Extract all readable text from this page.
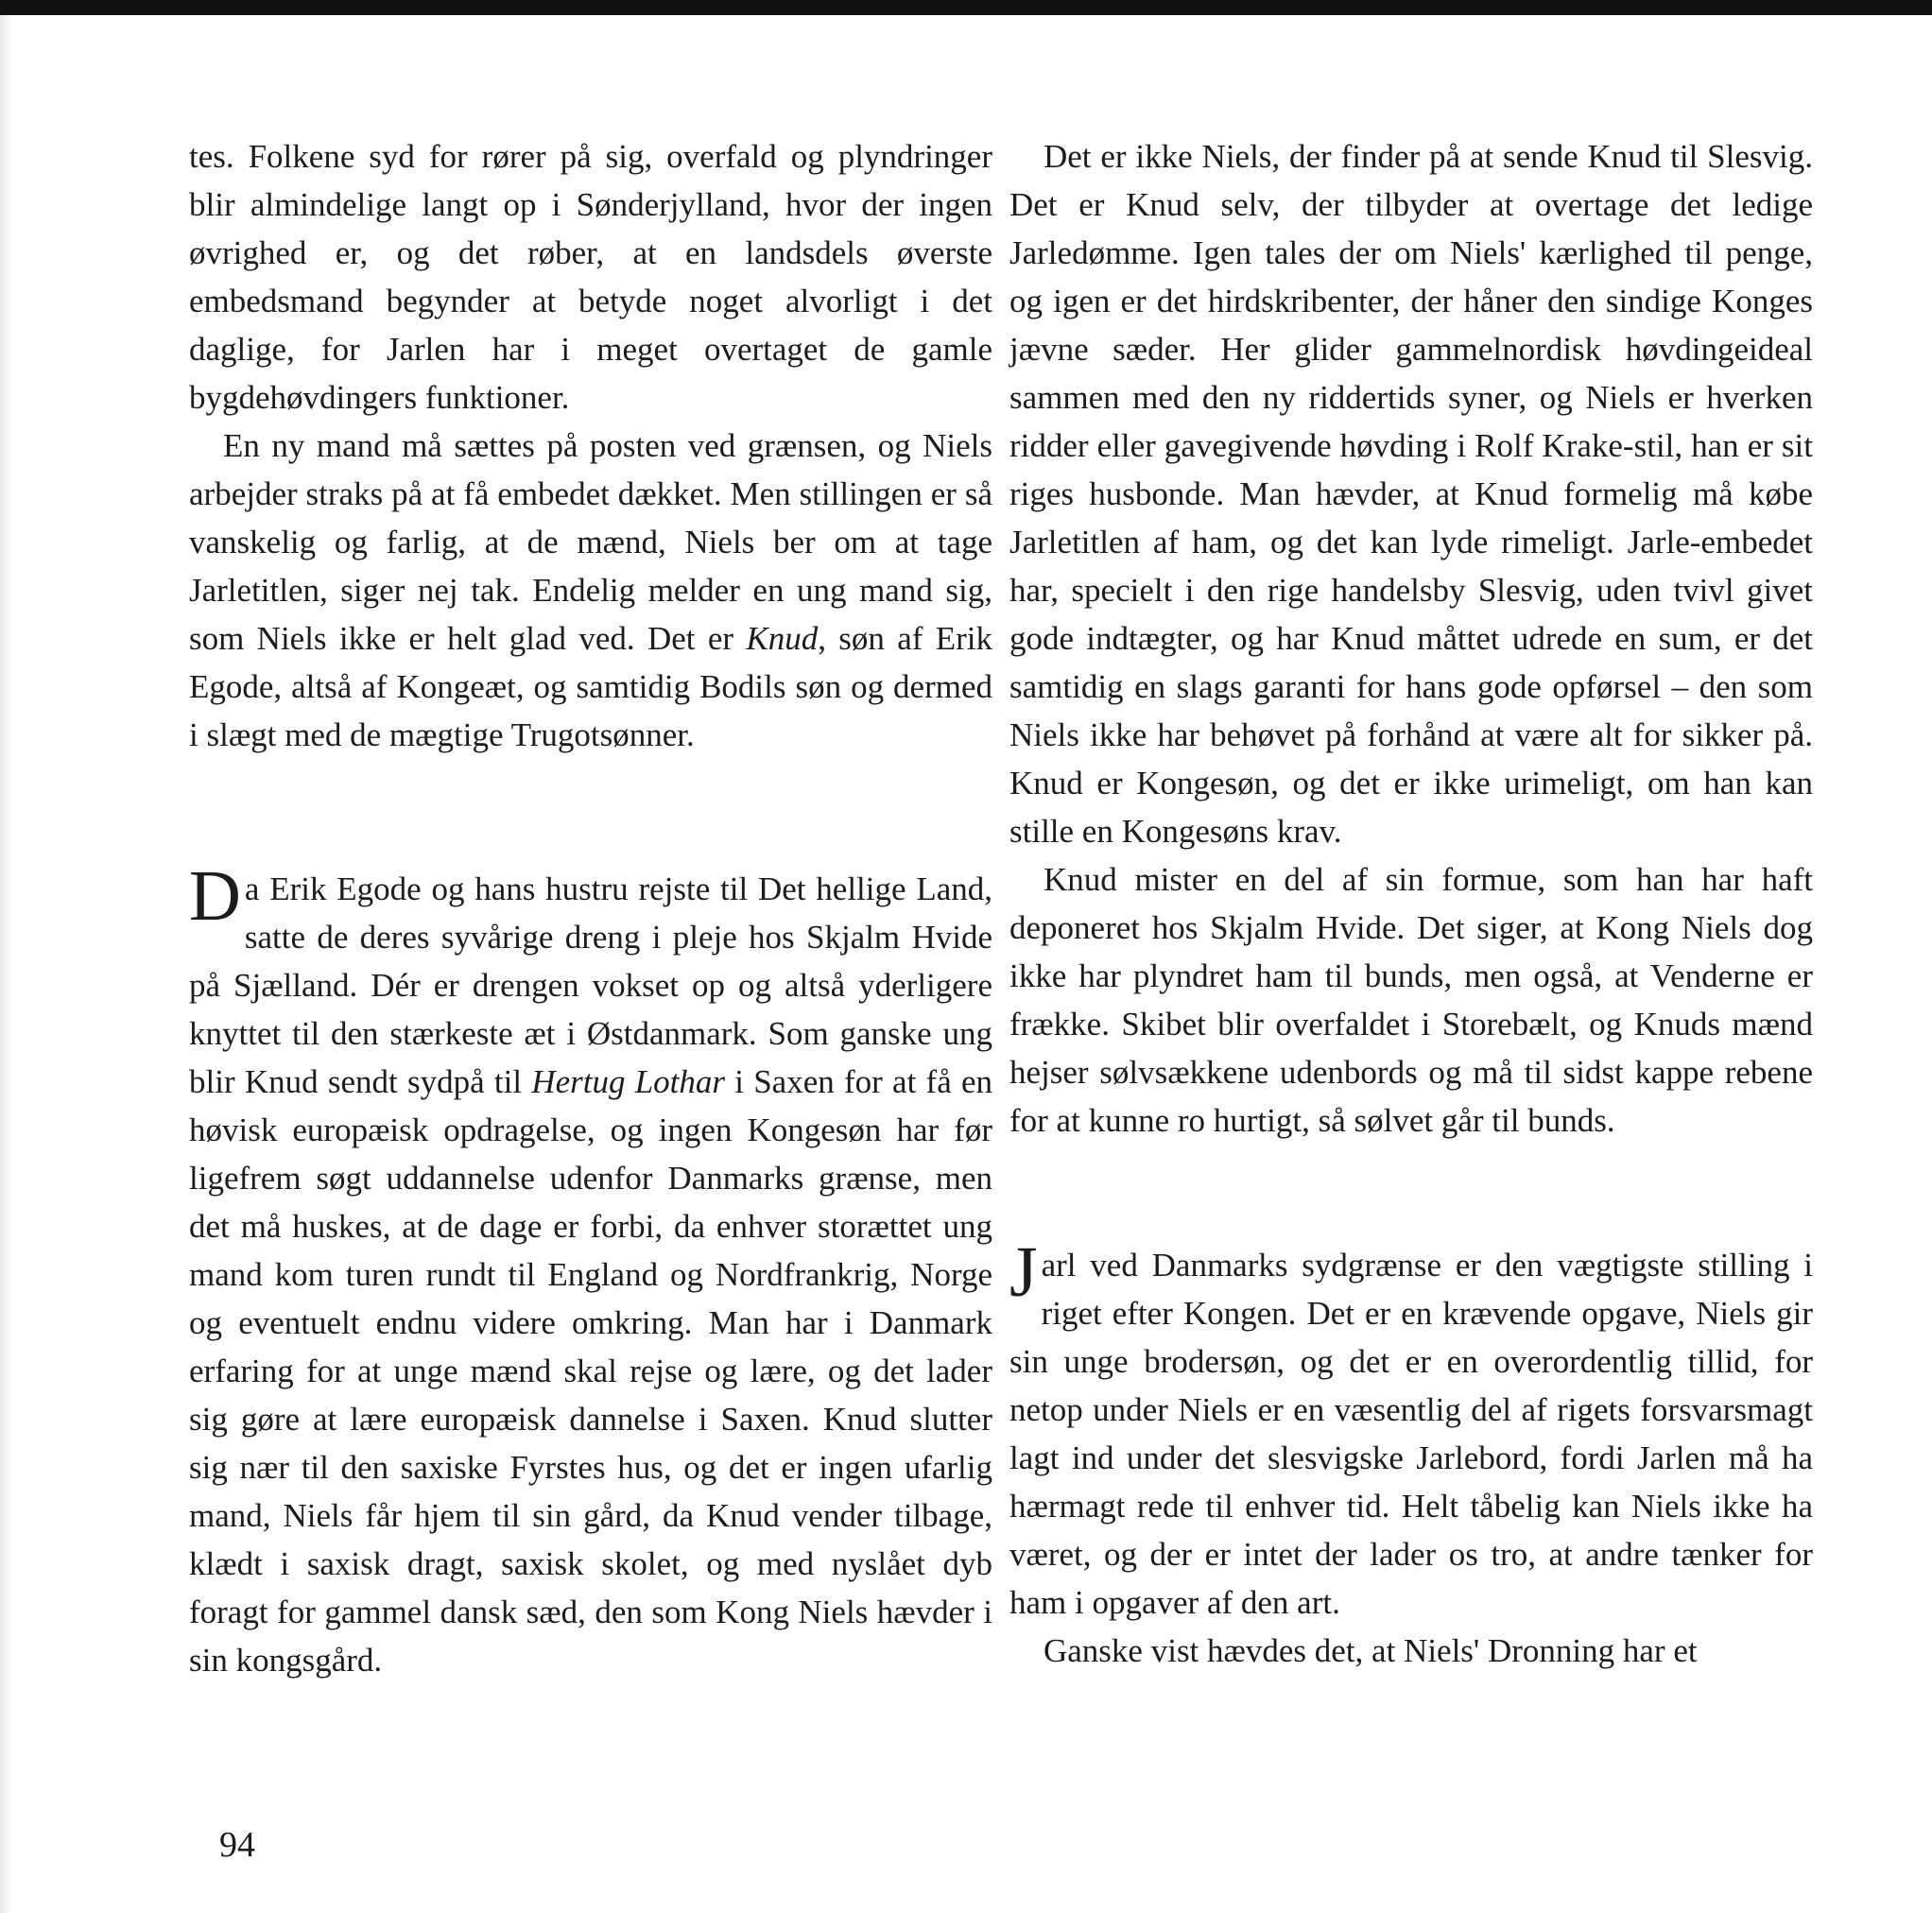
tes. Folkene syd for rører på sig, overfald og plyndringer blir almindelige langt op i Sønderjylland, hvor der ingen øvrighed er, og det røber, at en landsdels øverste embedsmand begynder at betyde noget alvorligt i det daglige, for Jarlen har i meget overtaget de gamle bygdehøvdingers funktioner.

En ny mand må sættes på posten ved grænsen, og Niels arbejder straks på at få embedet dækket. Men stillingen er så vanskelig og farlig, at de mænd, Niels ber om at tage Jarletitlen, siger nej tak. Endelig melder en ung mand sig, som Niels ikke er helt glad ved. Det er Knud, søn af Erik Egode, altså af Kongeæt, og samtidig Bodils søn og dermed i slægt med de mægtige Trugotsønner.

Da Erik Egode og hans hustru rejste til Det hellige Land, satte de deres syvårige dreng i pleje hos Skjalm Hvide på Sjælland. Dér er drengen vokset op og altså yderligere knyttet til den stærkeste æt i Østdanmark. Som ganske ung blir Knud sendt sydpå til Hertug Lothar i Saxen for at få en høvisk europæisk opdragelse, og ingen Kongesøn har før ligefrem søgt uddannelse udenfor Danmarks grænse, men det må huskes, at de dage er forbi, da enhver storættet ung mand kom turen rundt til England og Nordfrankrig, Norge og eventuelt endnu videre omkring. Man har i Danmark erfaring for at unge mænd skal rejse og lære, og det lader sig gøre at lære europæisk dannelse i Saxen. Knud slutter sig nær til den saxiske Fyrstes hus, og det er ingen ufarlig mand, Niels får hjem til sin gård, da Knud vender tilbage, klædt i saxisk dragt, saxisk skolet, og med nyslået dyb foragt for gammel dansk sæd, den som Kong Niels hævder i sin kongsgård.

Det er ikke Niels, der finder på at sende Knud til Slesvig. Det er Knud selv, der tilbyder at overtage det ledige Jarledømme. Igen tales der om Niels' kærlighed til penge, og igen er det hirdskribenter, der håner den sindige Konges jævne sæder. Her glider gammelnordisk høvdingeideal sammen med den ny riddertids syner, og Niels er hverken ridder eller gavegivende høvding i Rolf Krake-stil, han er sit riges husbonde. Man hævder, at Knud formelig må købe Jarletitlen af ham, og det kan lyde rimeligt. Jarle-embedet har, specielt i den rige handelsby Slesvig, uden tvivl givet gode indtægter, og har Knud måttet udrede en sum, er det samtidig en slags garanti for hans gode opførsel – den som Niels ikke har behøvet på forhånd at være alt for sikker på. Knud er Kongesøn, og det er ikke urimeligt, om han kan stille en Kongesøns krav.

Knud mister en del af sin formue, som han har haft deponeret hos Skjalm Hvide. Det siger, at Kong Niels dog ikke har plyndret ham til bunds, men også, at Venderne er frække. Skibet blir overfaldet i Storebælt, og Knuds mænd hejser sølvsækkene udenbords og må til sidst kappe rebene for at kunne ro hurtigt, så sølvet går til bunds.

Jarl ved Danmarks sydgrænse er den vægtigste stilling i riget efter Kongen. Det er en krævende opgave, Niels gir sin unge brodersøn, og det er en overordentlig tillid, for netop under Niels er en væsentlig del af rigets forsvarsmagt lagt ind under det slesvigske Jarlebord, fordi Jarlen må ha hærmagt rede til enhver tid. Helt tåbelig kan Niels ikke ha været, og der er intet der lader os tro, at andre tænker for ham i opgaver af den art.

Ganske vist hævdes det, at Niels' Dronning har et

94
